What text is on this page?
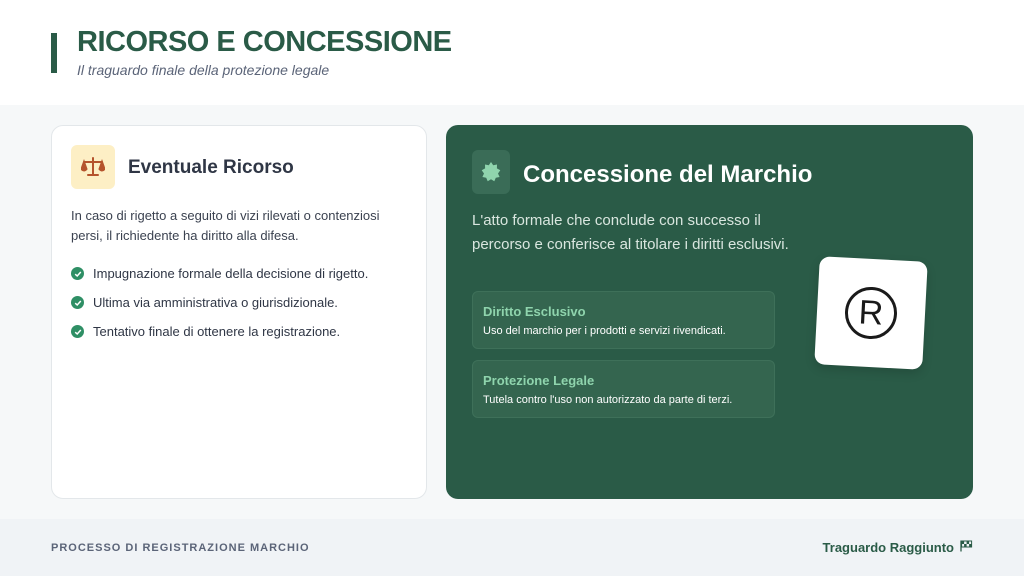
RICORSO E CONCESSIONE
Il traguardo finale della protezione legale
Eventuale Ricorso
In caso di rigetto a seguito di vizi rilevati o contenziosi persi, il richiedente ha diritto alla difesa.
Impugnazione formale della decisione di rigetto.
Ultima via amministrativa o giurisdizionale.
Tentativo finale di ottenere la registrazione.
Concessione del Marchio
L'atto formale che conclude con successo il percorso e conferisce al titolare i diritti esclusivi.
Diritto Esclusivo
Uso del marchio per i prodotti e servizi rivendicati.
Protezione Legale
Tutela contro l'uso non autorizzato da parte di terzi.
R
PROCESSO DI REGISTRAZIONE MARCHIO	Traguardo Raggiunto
